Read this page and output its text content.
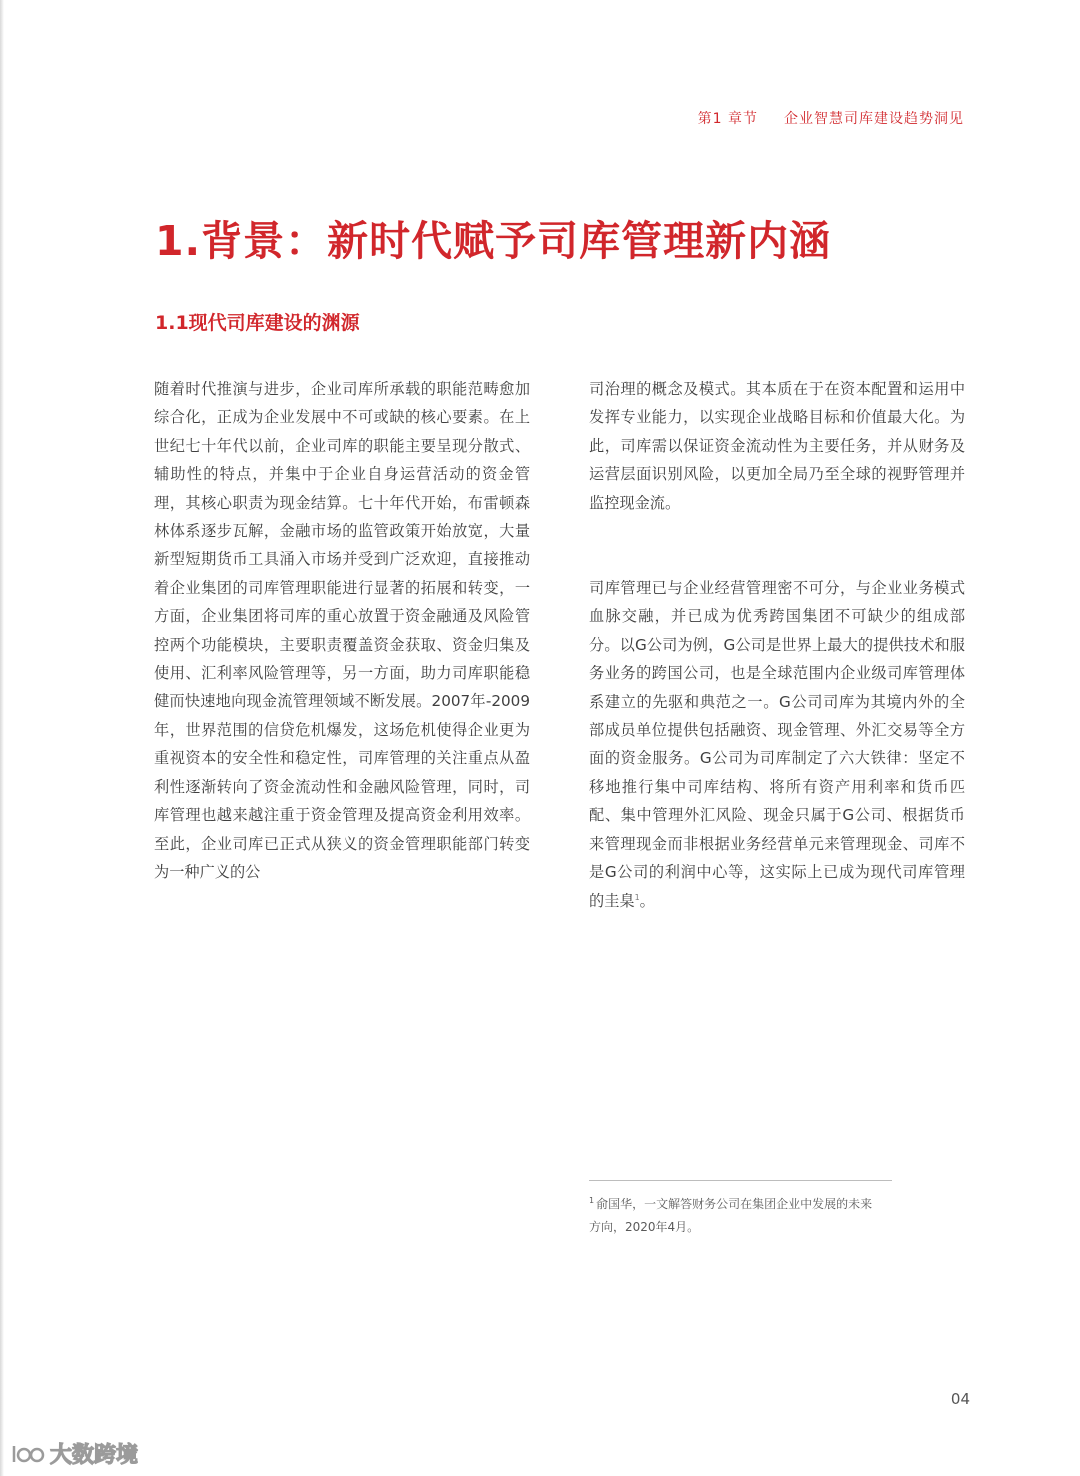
第1 章节 企业智慧司库建设趋势洞见
1.背景：新时代赋予司库管理新内涵
1.1现代司库建设的渊源

随着时代推演与进步，企业司库所承载的职能范畴愈加综合化，正成为企业发展中不可或缺的核心要素。在上世纪七十年代以前，企业司库的职能主要呈现分散式、辅助性的特点，并集中于企业自身运营活动的资金管理，其核心职责为现金结算。七十年代开始，布雷顿森林体系逐步瓦解，金融市场的监管政策开始放宽，大量新型短期货币工具涌入市场并受到广泛欢迎，直接推动着企业集团的司库管理职能进行显著的拓展和转变，一方面，企业集团将司库的重心放置于资金融通及风险管控两个功能模块，主要职责覆盖资金获取、资金归集及使用、汇利率风险管理等，另一方面，助力司库职能稳健而快速地向现金流管理领域不断发展。2007年-2009年，世界范围的信贷危机爆发，这场危机使得企业更为重视资本的安全性和稳定性，司库管理的关注重点从盈利性逐渐转向了资金流动性和金融风险管理，同时，司库管理也越来越注重于资金管理及提高资金利用效率。至此，企业司库已正式从狭义的资金管理职能部门转变为一种广义的公

司治理的概念及模式。其本质在于在资本配置和运用中发挥专业能力，以实现企业战略目标和价值最大化。为此，司库需以保证资金流动性为主要任务，并从财务及运营层面识别风险，以更加全局乃至全球的视野管理并监控现金流。

司库管理已与企业经营管理密不可分，与企业业务模式血脉交融，并已成为优秀跨国集团不可缺少的组成部分。以G公司为例，G公司是世界上最大的提供技术和服务业务的跨国公司，也是全球范围内企业级司库管理体系建立的先驱和典范之一。G公司司库为其境内外的全部成员单位提供包括融资、现金管理、外汇交易等全方面的资金服务。G公司为司库制定了六大铁律：坚定不移地推行集中司库结构、将所有资产用利率和货币匹配、集中管理外汇风险、现金只属于G公司、根据货币来管理现金而非根据业务经营单元来管理现金、司库不是G公司的利润中心等，这实际上已成为现代司库管理的圭臬$^1$。

$^1$ 俞国华，一文解答财务公司在集团企业中发展的未来
方向，2020年4月。
04
大数跨境
